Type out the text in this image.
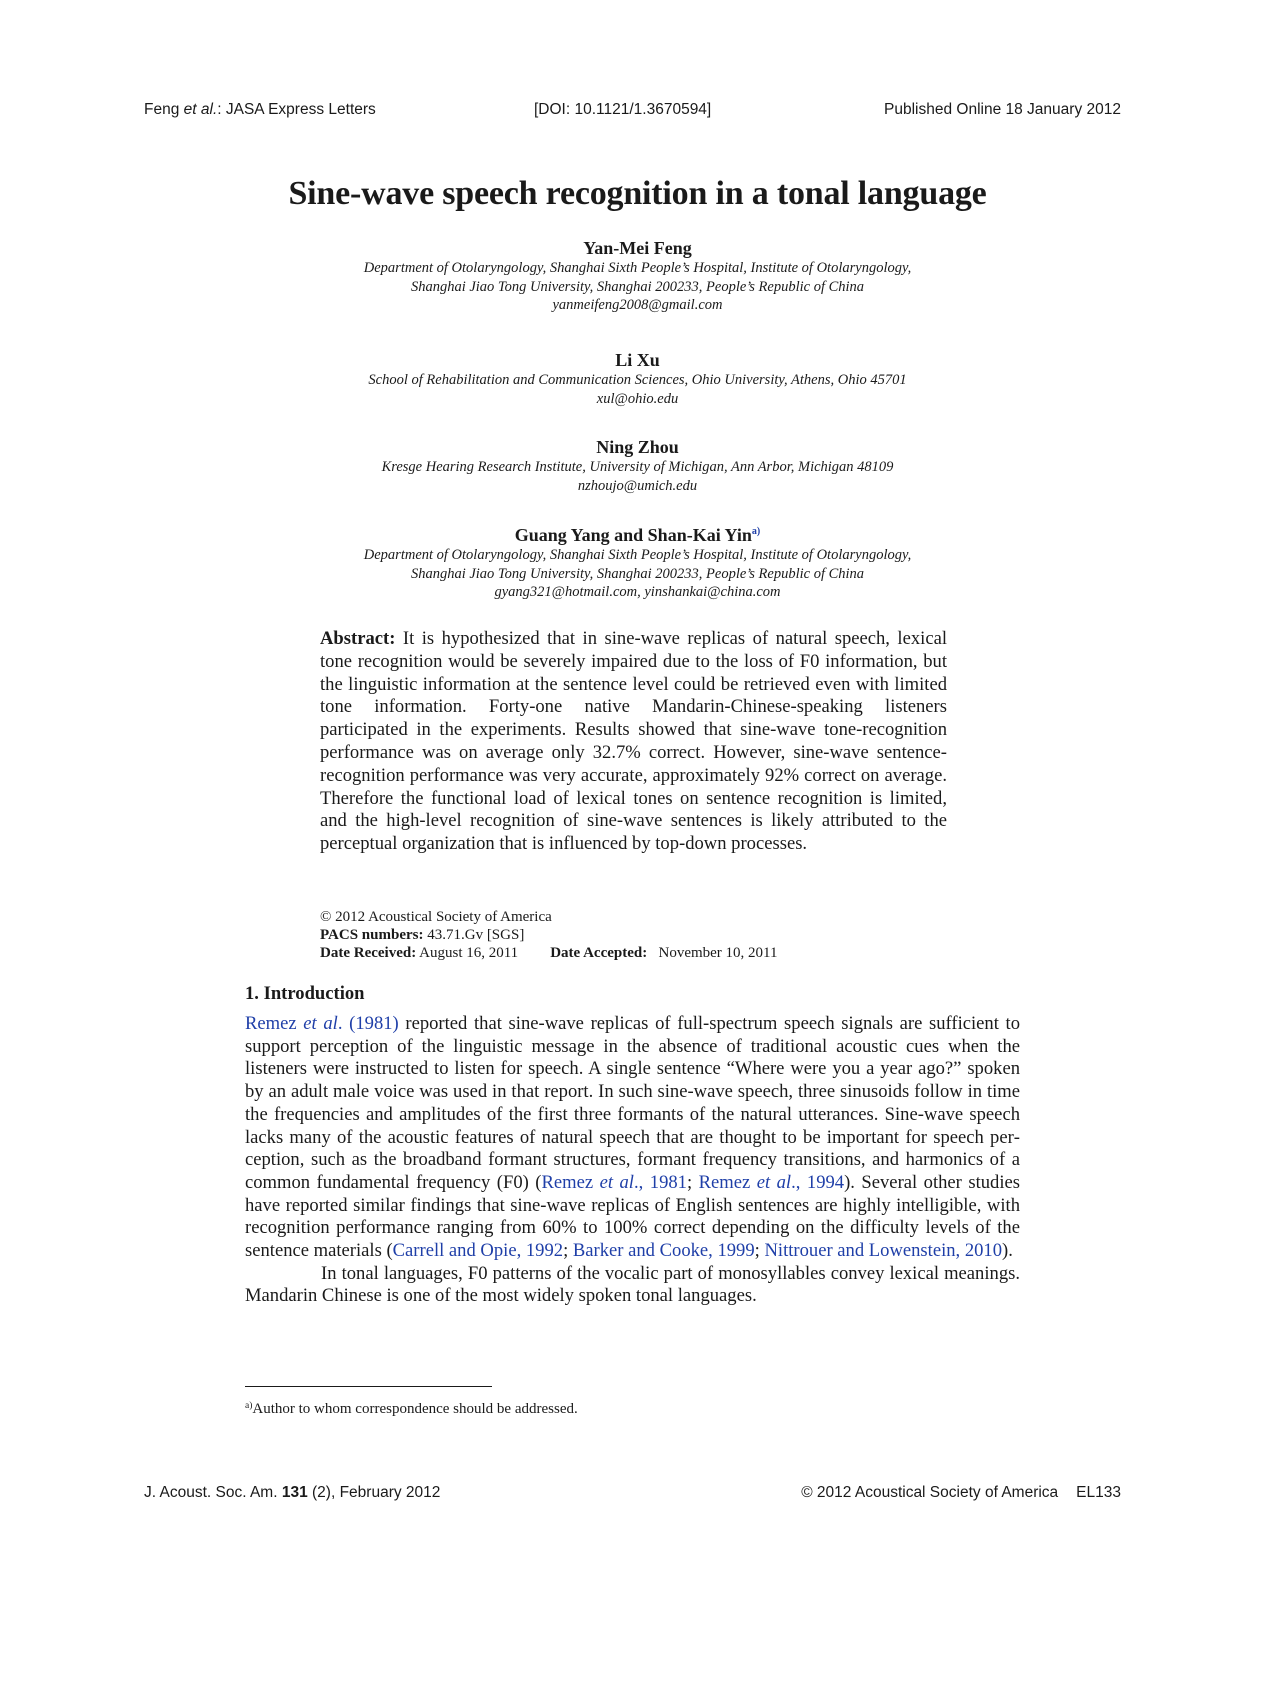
Feng et al.: JASA Express Letters	[DOI: 10.1121/1.3670594]	Published Online 18 January 2012
Sine-wave speech recognition in a tonal language
Yan-Mei Feng
Department of Otolaryngology, Shanghai Sixth People’s Hospital, Institute of Otolaryngology,
Shanghai Jiao Tong University, Shanghai 200233, People’s Republic of China
yanmeifeng2008@gmail.com
Li Xu
School of Rehabilitation and Communication Sciences, Ohio University, Athens, Ohio 45701
xul@ohio.edu
Ning Zhou
Kresge Hearing Research Institute, University of Michigan, Ann Arbor, Michigan 48109
nzhoujo@umich.edu
Guang Yang and Shan-Kai Yin$^{a)}$
Department of Otolaryngology, Shanghai Sixth People’s Hospital, Institute of Otolaryngology,
Shanghai Jiao Tong University, Shanghai 200233, People’s Republic of China
gyang321@hotmail.com, yinshankai@china.com
Abstract: It is hypothesized that in sine-wave replicas of natural speech, lexical tone recognition would be severely impaired due to the loss of F0 information, but the linguistic information at the sentence level could be retrieved even with limited tone information. Forty-one native Mandarin-Chinese-speaking listeners participated in the experiments. Results showed that sine-wave tone-recognition performance was on average only 32.7% correct. However, sine-wave sentence-recognition performance was very accurate, approximately 92% correct on average. Therefore the functional load of lexical tones on sentence recognition is limited, and the high-level recognition of sine-wave sentences is likely attributed to the perceptual organization that is influenced by top-down processes.
© 2012 Acoustical Society of America
PACS numbers: 43.71.Gv [SGS]
Date Received: August 16, 2011 Date Accepted: November 10, 2011
1. Introduction

Remez et al. (1981) reported that sine-wave replicas of full-spectrum speech signals are sufficient to support perception of the linguistic message in the absence of traditional acoustic cues when the listeners were instructed to listen for speech. A single sentence “Where were you a year ago?” spoken by an adult male voice was used in that report. In such sine-wave speech, three sinusoids follow in time the frequencies and amplitudes of the first three formants of the natural utterances. Sine-wave speech lacks many of the acoustic features of natural speech that are thought to be important for speech perception, such as the broadband formant structures, formant frequency transitions, and harmonics of a common fundamental frequency (F0) (Remez et al., 1981; Remez et al., 1994). Several other studies have reported similar findings that sine-wave replicas of English sentences are highly intelligible, with recognition performance ranging from 60% to 100% correct depending on the difficulty levels of the sentence materials (Carrell and Opie, 1992; Barker and Cooke, 1999; Nittrouer and Lowenstein, 2010).

In tonal languages, F0 patterns of the vocalic part of monosyllables convey lexical meanings. Mandarin Chinese is one of the most widely spoken tonal languages.

$^{a)}$Author to whom correspondence should be addressed.
J. Acoust. Soc. Am. 131 (2), February 2012	© 2012 Acoustical Society of America EL133
